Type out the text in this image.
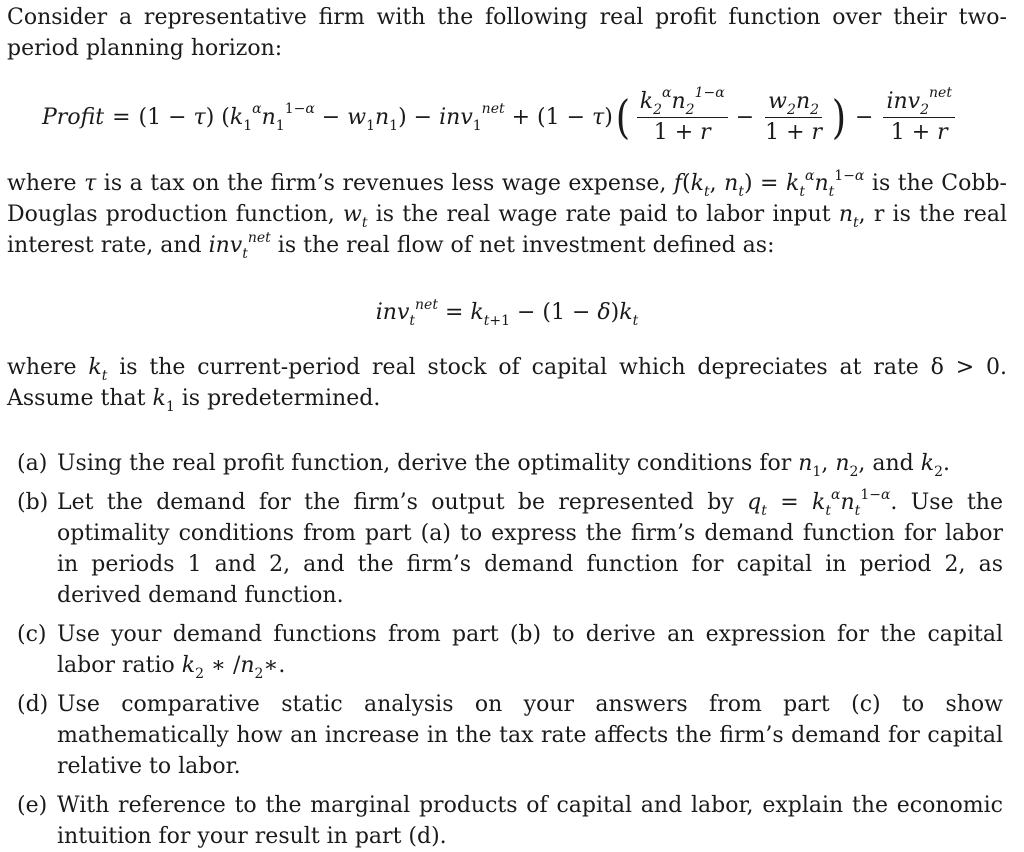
Consider a representative firm with the following real profit function over their two-period planning horizon:

Profit = (1 − τ) $(k_1^\alpha n_1^{1-\alpha} - w_1n_1) - inv_1^{net} + (1 - \tau)$ ( $\frac{k_2^\alpha n_2^{1-\alpha}}{1 + r} - \frac{w_2n_2}{1 + r}$ ) − $\frac{inv_2^{net}}{1 + r}$

where τ is a tax on the firm’s revenues less wage expense, $f(k_t$, $n_t) = k_t^\alpha n_t^{1-\alpha}$ is the Cobb-Douglas production function, $w_t$ is the real wage rate paid to labor input $n_t$, r is the real interest rate, and inv$_t^{net}$ is the real flow of net investment defined as:

$inv_t^{net} = k_{t+1} - (1 - \delta)k_t$

where $k_t$ is the current-period real stock of capital which depreciates at rate δ > 0. Assume that $k_1$ is predetermined.

(a) Using the real profit function, derive the optimality conditions for $n_1$, $n_2$, and $k_2$.
(b) Let the demand for the firm’s output be represented by $q_t = k_t^\alpha n_t^{1-\alpha}$. Use the optimality conditions from part (a) to express the firm’s demand function for labor in periods 1 and 2, and the firm’s demand function for capital in period 2, as derived demand function.
(c) Use your demand functions from part (b) to derive an expression for the capital labor ratio $k_2$ ∗ $/n_2∗$.
(d) Use comparative static analysis on your answers from part (c) to show mathematically how an increase in the tax rate affects the firm’s demand for capital relative to labor.
(e) With reference to the marginal products of capital and labor, explain the economic intuition for your result in part (d).
